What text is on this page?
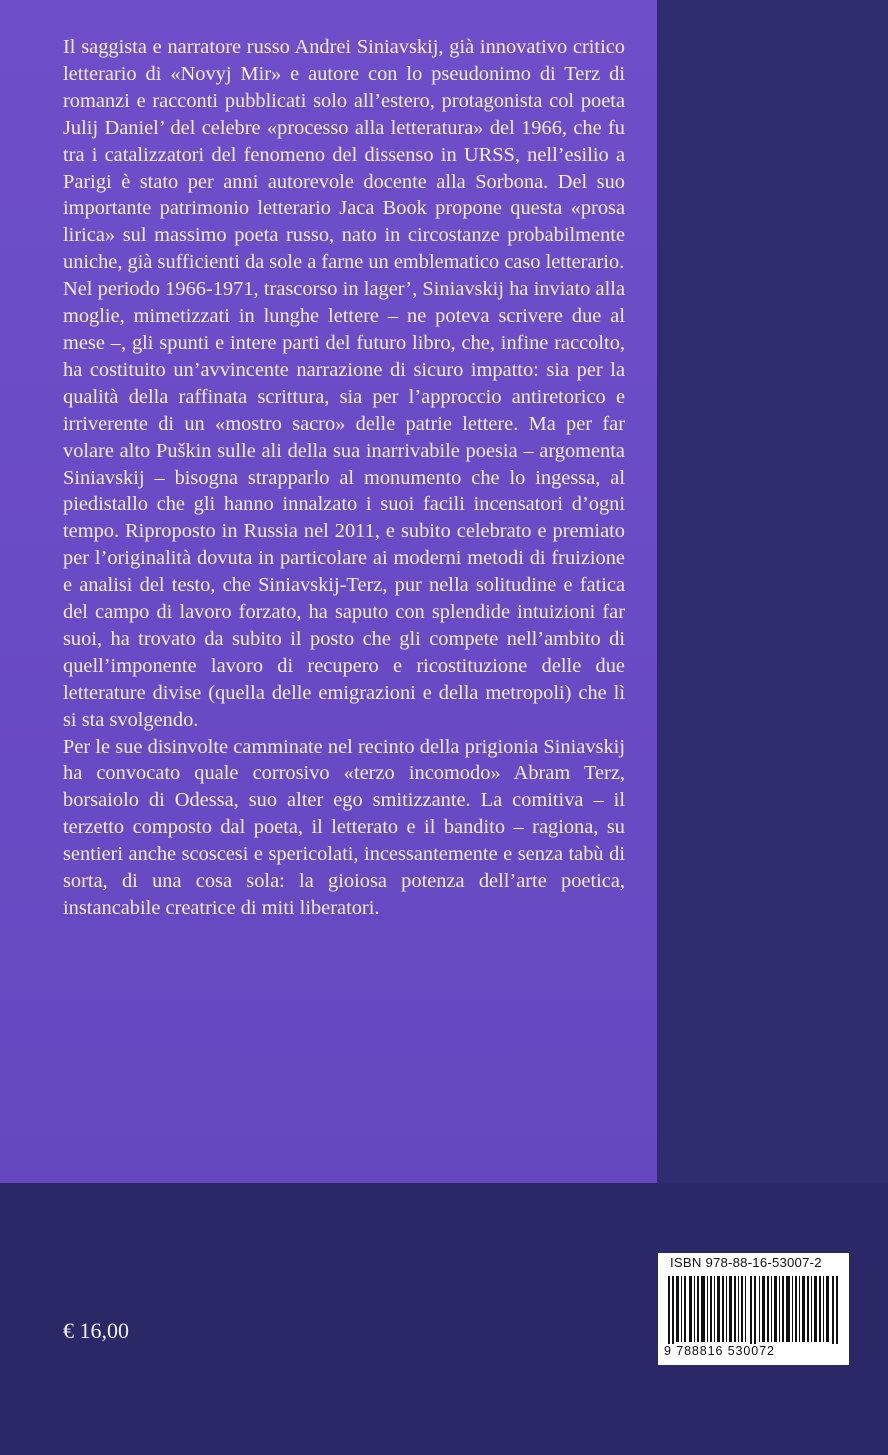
Il saggista e narratore russo Andrei Siniavskij, già innovativo critico letterario di «Novyj Mir» e autore con lo pseudonimo di Terz di romanzi e racconti pubblicati solo all’estero, protagonista col poeta Julij Daniel’ del celebre «processo alla letteratura» del 1966, che fu tra i catalizzatori del fenomeno del dissenso in URSS, nell’esilio a Parigi è stato per anni autorevole docente alla Sorbona. Del suo importante patrimonio letterario Jaca Book propone questa «prosa lirica» sul massimo poeta russo, nato in circostanze probabilmente uniche, già sufficienti da sole a farne un emblematico caso letterario.

Nel periodo 1966-1971, trascorso in lager’, Siniavskij ha inviato alla moglie, mimetizzati in lunghe lettere – ne poteva scrivere due al mese –, gli spunti e intere parti del futuro libro, che, infine raccolto, ha costituito un’avvincente narrazione di sicuro impatto: sia per la qualità della raffinata scrittura, sia per l’approccio antiretorico e irriverente di un «mostro sacro» delle patrie lettere. Ma per far volare alto Puškin sulle ali della sua inarrivabile poesia – argomenta Siniavskij – bisogna strapparlo al monumento che lo ingessa, al piedistallo che gli hanno innalzato i suoi facili incensatori d’ogni tempo. Riproposto in Russia nel 2011, e subito celebrato e premiato per l’originalità dovuta in particolare ai moderni metodi di fruizione e analisi del testo, che Siniavskij-Terz, pur nella solitudine e fatica del campo di lavoro forzato, ha saputo con splendide intuizioni far suoi, ha trovato da subito il posto che gli compete nell’ambito di quell’imponente lavoro di recupero e ricostituzione delle due letterature divise (quella delle emigrazioni e della metropoli) che lì si sta svolgendo.

Per le sue disinvolte camminate nel recinto della prigionia Siniavskij ha convocato quale corrosivo «terzo incomodo» Abram Terz, borsaiolo di Odessa, suo alter ego smitizzante. La comitiva – il terzetto composto dal poeta, il letterato e il bandito – ragiona, su sentieri anche scoscesi e spericolati, incessantemente e senza tabù di sorta, di una cosa sola: la gioiosa potenza dell’arte poetica, instancabile creatrice di miti liberatori.

€ 16,00
ISBN 978-88-16-53007-2
9 788816 530072
